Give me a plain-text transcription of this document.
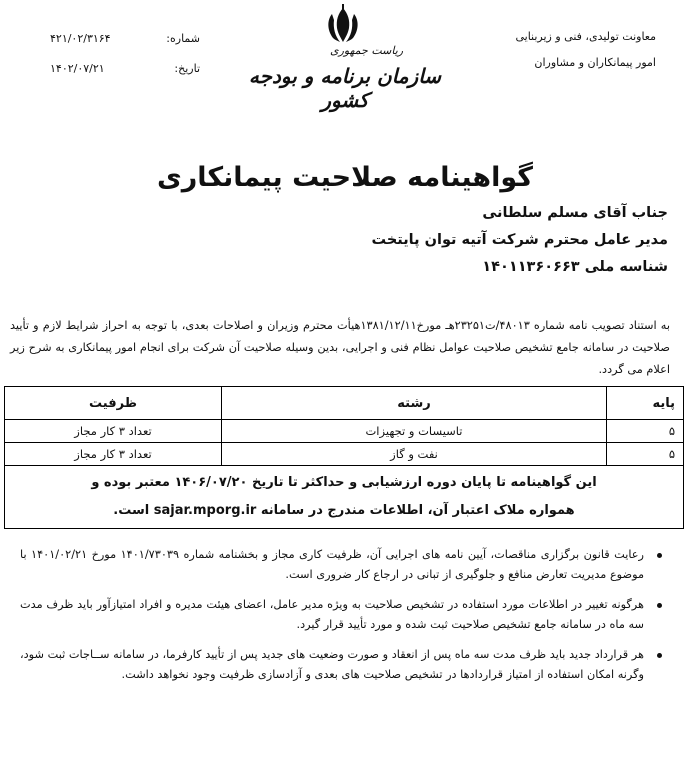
معاونت تولیدی، فنی و زیربنایی
امور پیمانکاران و مشاوران
ریاست جمهوری
سازمان برنامه و بودجه کشور
شماره:
۴۲۱/۰۲/۳۱۶۴
تاریخ:
۱۴۰۲/۰۷/۲۱
گواهینامه صلاحیت پیمانکاری
جناب آقای مسلم سلطانی
مدیر عامل محترم شرکت آتیه توان پایتخت
شناسه ملی ۱۴۰۱۱۳۶۰۶۶۳
به استناد تصویب نامه شماره ۴۸۰۱۳/ت۲۳۲۵۱هـ مورخ۱۳۸۱/۱۲/۱۱هیأت محترم وزیران و اصلاحات بعدی، با توجه به احراز شرایط لازم و تأیید صلاحیت در سامانه جامع تشخیص صلاحیت عوامل نظام فنی و اجرایی، بدین وسیله صلاحیت آن شرکت برای انجام امور پیمانکاری به شرح زیر اعلام می گردد.
پایه	رشته	ظرفیت
۵	تاسیسات و تجهیزات	تعداد ۳ کار مجاز
۵	نفت و گاز	تعداد ۳ کار مجاز

این گواهینامه تا پایان دوره ارزشیابی و حداکثر تا تاریخ ۱۴۰۶/۰۷/۲۰ معتبر بوده و
همواره ملاک اعتبار آن، اطلاعات مندرج در سامانه sajar.mporg.ir است.		
رعایت قانون برگزاری مناقصات، آیین نامه های اجرایی آن، ظرفیت کاری مجاز و بخشنامه شماره ۱۴۰۱/۷۳۰۳۹ مورخ ۱۴۰۱/۰۲/۲۱ با موضوع مدیریت تعارض منافع و جلوگیری از تبانی در ارجاع کار ضروری است.
هرگونه تغییر در اطلاعات مورد استفاده در تشخیص صلاحیت به ویژه مدیر عامل، اعضای هیئت مدیره و افراد امتیازآور باید ظرف مدت سه ماه در سامانه جامع تشخیص صلاحیت ثبت شده و مورد تأیید قرار گیرد.
هر قرارداد جدید باید ظرف مدت سه ماه پس از انعقاد و صورت وضعیت های جدید پس از تأیید کارفرما، در سامانه ســاجات ثبت شود، وگرنه امکان استفاده از امتیاز قراردادها در تشخیص صلاحیت های بعدی و آزادسازی ظرفیت وجود نخواهد داشت.
